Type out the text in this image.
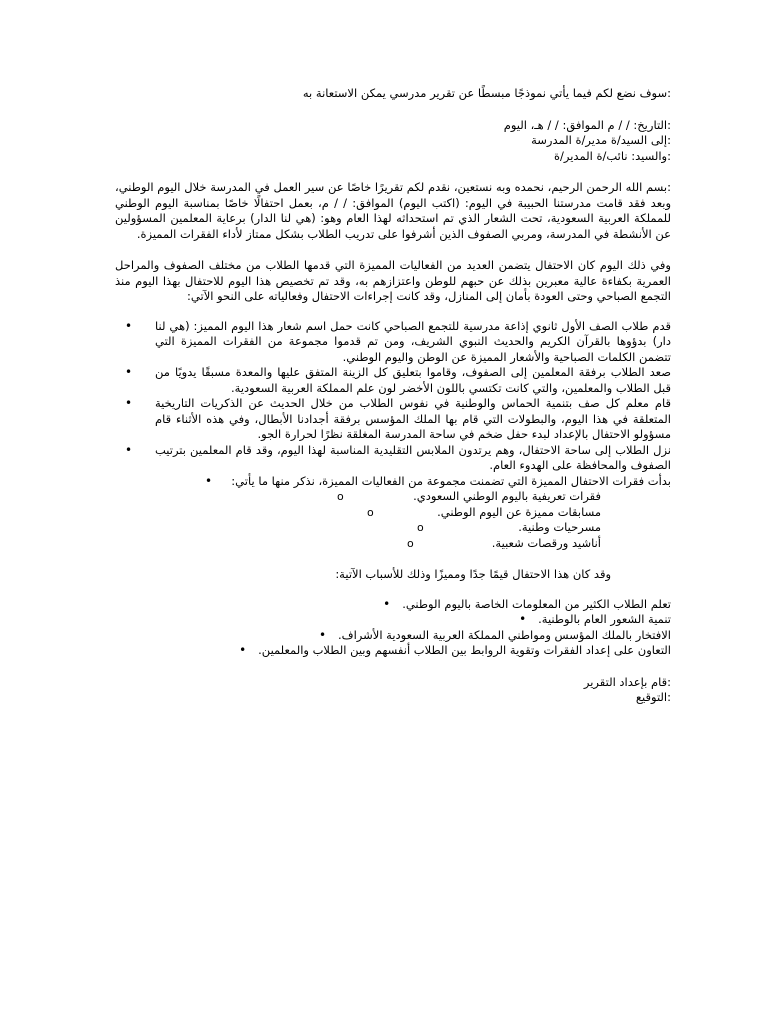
:سوف نضع لكم فيما يأتي نموذجًا مبسطًا عن تقرير مدرسي يمكن الاستعانة به
:التاريخ: / / م الموافق: / / هـ، اليوم
:إلى السيد/ة مدير/ة المدرسة
:والسيد: نائب/ة المدير/ة
:بسم الله الرحمن الرحيم، نحمده وبه نستعين، نقدم لكم تقريرًا خاصًا عن سير العمل في المدرسة خلال اليوم الوطني، وبعد فقد قامت مدرستنا الحبيبة في اليوم: (اكتب اليوم) الموافق: / / م، بعمل احتفالًا خاصًا بمناسبة اليوم الوطني للمملكة العربية السعودية، تحت الشعار الذي تم استحداثه لهذا العام وهو: (هي لنا الدار) برعاية المعلمين المسؤولين عن الأنشطة في المدرسة، ومربي الصفوف الذين أشرفوا على تدريب الطلاب بشكل ممتاز لأداء الفقرات المميزة.
وفي ذلك اليوم كان الاحتفال يتضمن العديد من الفعاليات المميزة التي قدمها الطلاب من مختلف الصفوف والمراحل العمرية بكفاءة عالية معبرين بذلك عن حبهم للوطن واعتزازهم به، وقد تم تخصيص هذا اليوم للاحتفال بهذا اليوم منذ التجمع الصباحي وحتى العودة بأمان إلى المنازل، وقد كانت إجراءات الاحتفال وفعالياته على النحو الآتي:
• قدم طلاب الصف الأول ثانوي إذاعة مدرسية للتجمع الصباحي كانت حمل اسم شعار هذا اليوم المميز: (هي لنا دار) بدؤوها بالقرآن الكريم والحديث النبوي الشريف، ومن تم قدموا مجموعة من الفقرات المميزة التي تتضمن الكلمات الصباحية والأشعار المميزة عن الوطن واليوم الوطني.
• صعد الطلاب برفقة المعلمين إلى الصفوف، وقاموا بتعليق كل الزينة المتفق عليها والمعدة مسبقًا يدويًا من قبل الطلاب والمعلمين، والتي كانت تكتسي باللون الأخضر لون علم المملكة العربية السعودية.
• قام معلم كل صف بتنمية الحماس والوطنية في نفوس الطلاب من خلال الحديث عن الذكريات التاريخية المتعلقة في هذا اليوم، والبطولات التي قام بها الملك المؤسس برفقة أجدادنا الأبطال، وفي هذه الأثناء قام مسؤولو الاحتفال بالإعداد لبدء حفل ضخم في ساحة المدرسة المغلقة نظرًا لحرارة الجو.
• نزل الطلاب إلى ساحة الاحتفال، وهم يرتدون الملابس التقليدية المناسبة لهذا اليوم، وقد قام المعلمين بترتيب الصفوف والمحافظة على الهدوء العام.
• بدأت فقرات الاحتفال المميزة التي تضمنت مجموعة من الفعاليات المميزة، نذكر منها ما يأتي:
o	فقرات تعريفية باليوم الوطني السعودي.
o	مسابقات مميزة عن اليوم الوطني.
o	مسرحيات وطنية.
o	أناشيد ورقصات شعبية.
وقد كان هذا الاحتفال قيمًا جدًا ومميزًا وذلك للأسباب الآتية:
تعلم الطلاب الكثير من المعلومات الخاصة باليوم الوطني.•
تنمية الشعور العام بالوطنية.•
الافتخار بالملك المؤسس ومواطني المملكة العربية السعودية الأشراف.•
التعاون على إعداد الفقرات وتقوية الروابط بين الطلاب أنفسهم وبين الطلاب والمعلمين.•
:قام بإعداد التقرير
:التوقيع
